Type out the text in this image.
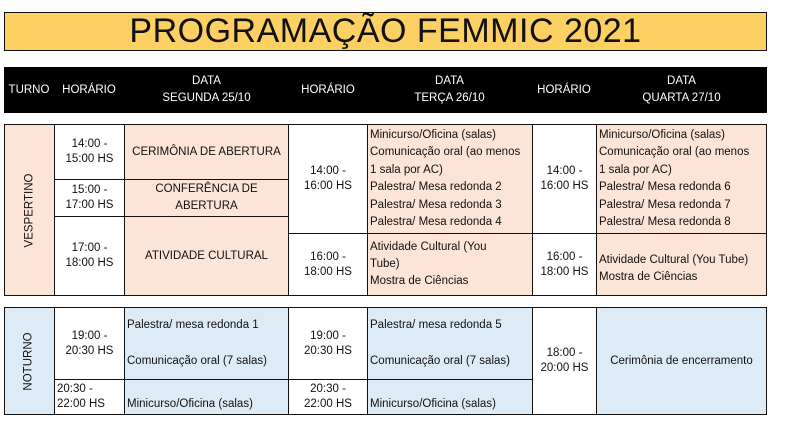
PROGRAMAÇÃO FEMMIC 2021
TURNO HORÁRIO
DATA
SEGUNDA 25/10
HORÁRIO
DATA
TERÇA 26/10
HORÁRIO
DATA
QUARTA 27/10
VESPERTINO
14:00 -
15:00 HS
CERIMÔNIA DE ABERTURA
15:00 -
17:00 HS
CONFERÊNCIA DE
ABERTURA
17:00 -
18:00 HS
ATIVIDADE CULTURAL
14:00 -
16:00 HS
Minicurso/Oficina (salas)
Comunicação oral (ao menos
1 sala por AC)
Palestra/ Mesa redonda 2
Palestra/ Mesa redonda 3
Palestra/ Mesa redonda 4
16:00 -
18:00 HS
Atividade Cultural (You
Tube)
Mostra de Ciências
14:00 -
16:00 HS
Minicurso/Oficina (salas)
Comunicação oral (ao menos
1 sala por AC)
Palestra/ Mesa redonda 6
Palestra/ Mesa redonda 7
Palestra/ Mesa redonda 8
16:00 -
18:00 HS
Atividade Cultural (You Tube)
Mostra de Ciências
NOTURNO	19:00 -
20:30 HS
Palestra/ mesa redonda 1
Comunicação oral (7 salas)
20:30 -
22:00 HS Minicurso/Oficina (salas)
19:00 -
20:30 HS
Palestra/ mesa redonda 5
Comunicação oral (7 salas)
20:30 -
22:00 HS Minicurso/Oficina (salas)
18:00 -
20:00 HS
Cerimônia de encerramento
